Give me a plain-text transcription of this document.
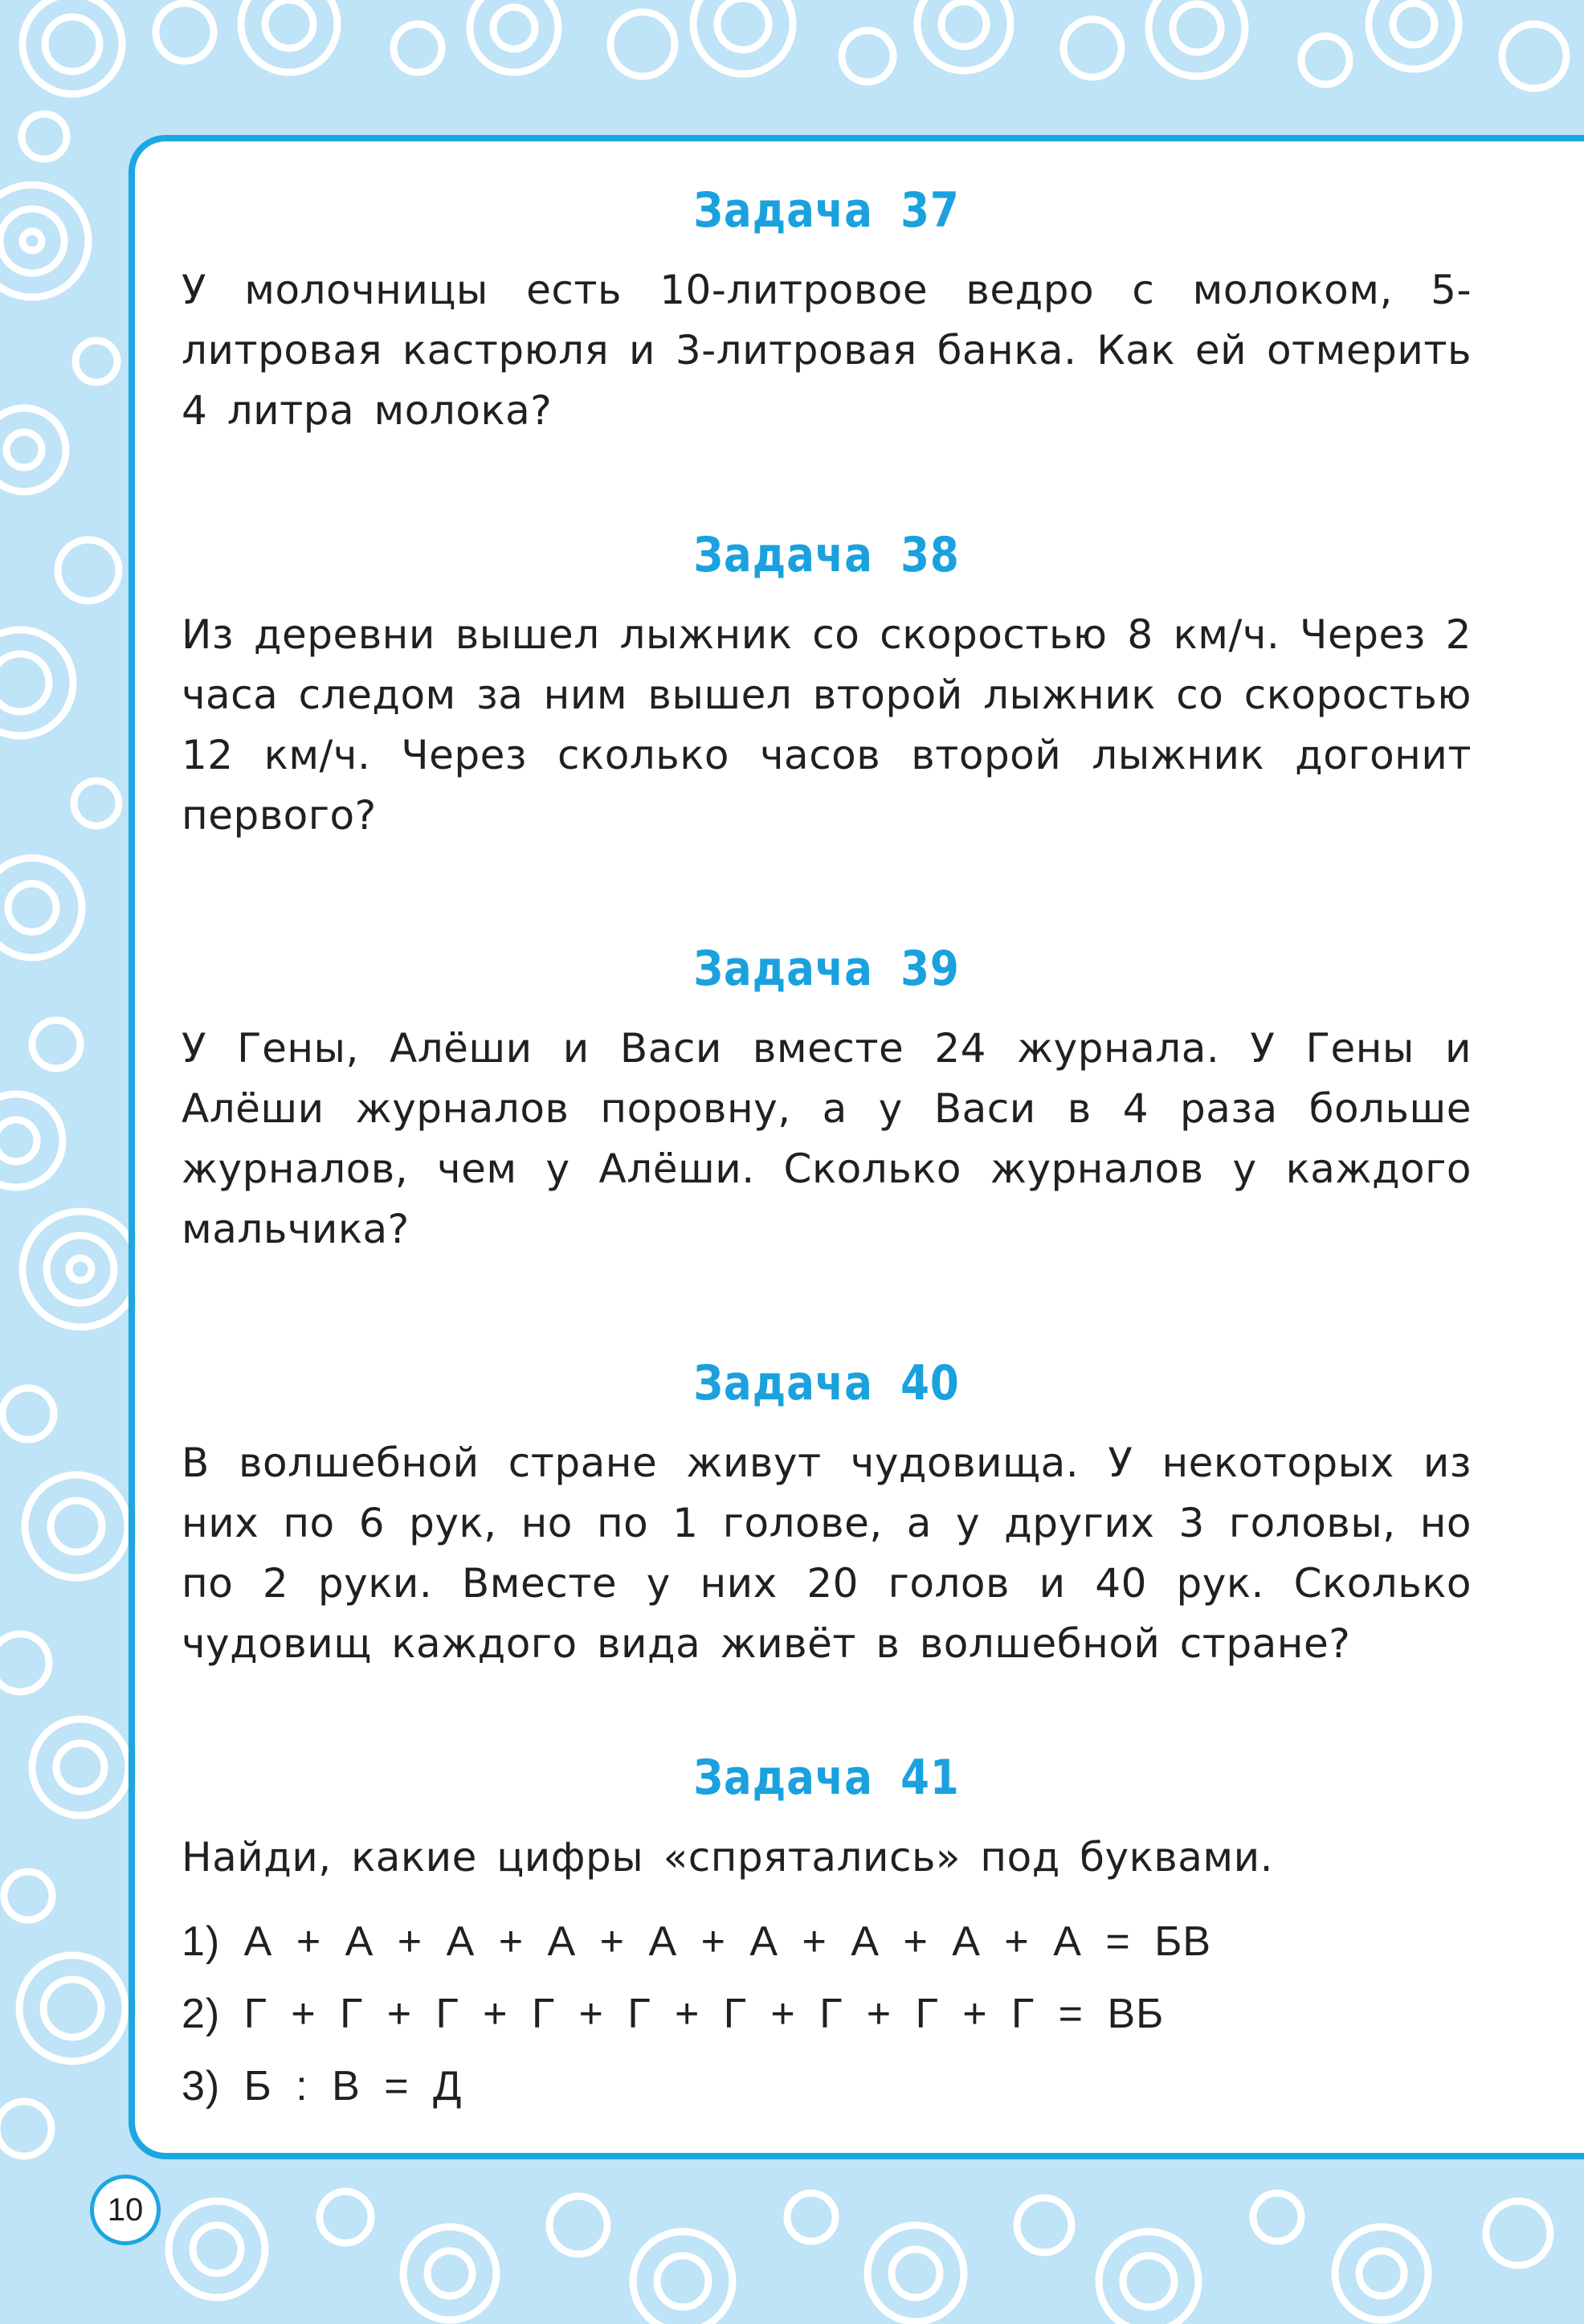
Задача 37

У молочницы есть 10-литровое ведро с молоком, 5-литровая кастрюля и 3-литровая банка. Как ей отмерить 4 литра молока?

Задача 38

Из деревни вышел лыжник со скоростью 8 км/ч. Через 2 часа следом за ним вышел второй лыжник со скоростью 12 км/ч. Через сколько часов второй лыжник догонит первого?

Задача 39

У Гены, Алёши и Васи вместе 24 журнала. У Гены и Алёши журналов поровну, а у Васи в 4 раза больше журналов, чем у Алёши. Сколько журналов у каждого мальчика?

Задача 40

В волшебной стране живут чудовища. У некоторых из них по 6 рук, но по 1 голове, а у других 3 головы, но по 2 руки. Вместе у них 20 голов и 40 рук. Сколько чудовищ каждого вида живёт в волшебной стране?

Задача 41

Найди, какие цифры «спрятались» под буквами.

1) А + А + А + А + А + А + А + А + А = БВ
2) Г + Г + Г + Г + Г + Г + Г + Г + Г = ВБ
3) Б : В = Д
10
